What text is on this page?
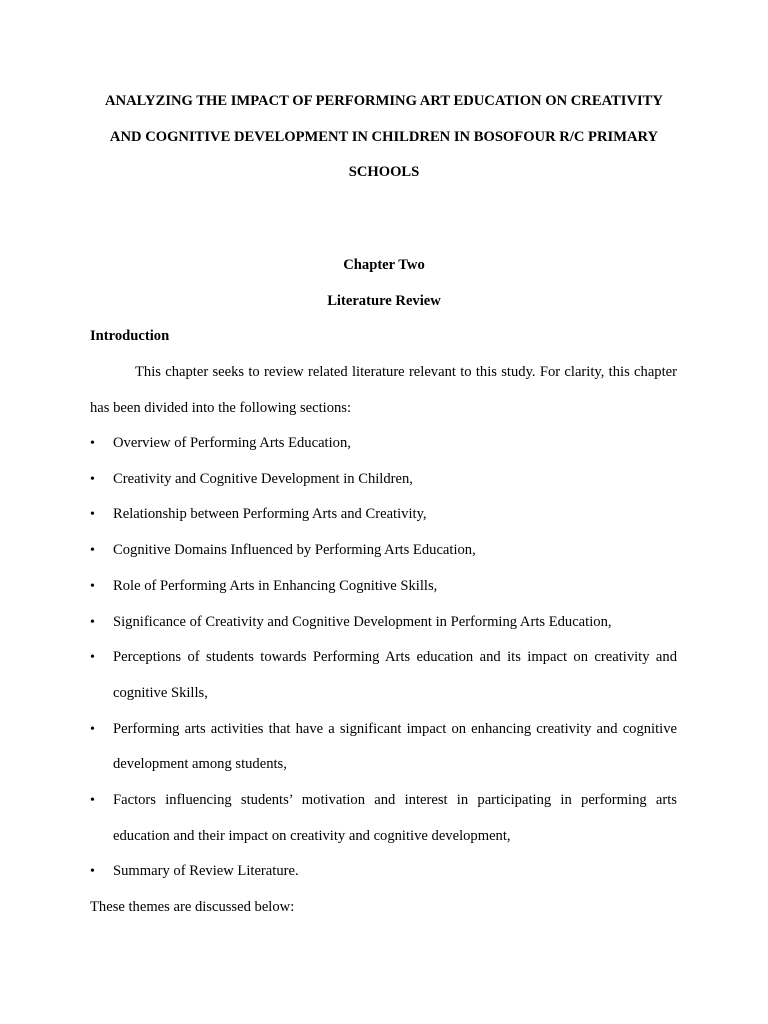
ANALYZING THE IMPACT OF PERFORMING ART EDUCATION ON CREATIVITY
AND COGNITIVE DEVELOPMENT IN CHILDREN IN BOSOFOUR R/C PRIMARY
SCHOOLS
Chapter Two
Literature Review

Introduction

This chapter seeks to review related literature relevant to this study. For clarity, this chapter has been divided into the following sections:

• Overview of Performing Arts Education,
• Creativity and Cognitive Development in Children,
• Relationship between Performing Arts and Creativity,
• Cognitive Domains Influenced by Performing Arts Education,
• Role of Performing Arts in Enhancing Cognitive Skills,
• Significance of Creativity and Cognitive Development in Performing Arts Education,
• Perceptions of students towards Performing Arts education and its impact on creativity and cognitive Skills,
• Performing arts activities that have a significant impact on enhancing creativity and cognitive development among students,
• Factors influencing students’ motivation and interest in participating in performing arts education and their impact on creativity and cognitive development,
• Summary of Review Literature.

These themes are discussed below:
